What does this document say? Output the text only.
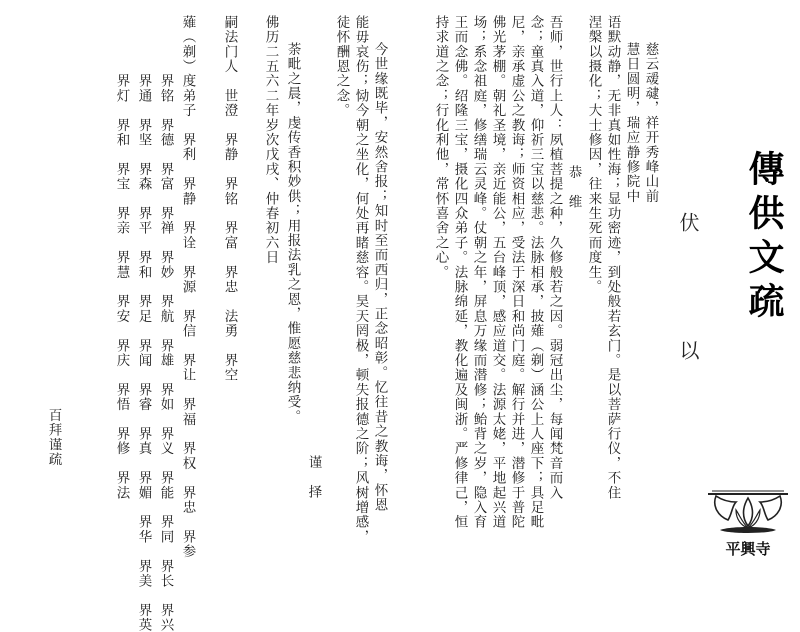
傳供文疏
伏
以
慈云叆叇，祥开秀峰山前
慧日圆明，瑞应静修院中
语默动静，无非真如性海；显功密迹，到处般若玄门。是以菩萨行仪，不住
涅槃以摄化；大士修因，往来生死而度生。
恭　维
吾师，世行上人：夙植菩提之种，久修般若之因。弱冠出尘，每闻梵音而入
念；童真入道，仰祈三宝以慈悲。法脉相承，披薙（剃）涵公上人座下；具足毗
尼，亲承虚公之教诲；师资相应，受法于深日和尚门庭。解行并进，潜修于普陀
佛光茅棚。朝礼圣境，亲近能公，五台峰顶，感应道交。法源太姥，平地起兴道
场；系念祖庭，修缮瑞云灵峰。仗朝之年，屏息万缘而潜修；鲐背之岁，隐入育
王而念佛。绍隆三宝，摄化四众弟子。法脉绵延，教化遍及闽浙。严修律己，恒
持求道之念；行化利他，常怀喜舍之心。
今世缘既毕，安然舍报；知时至而西归，正念昭彰。忆往昔之教诲，怀恩
能毋哀伤；恸今朝之坐化，何处再睹慈容。昊天罔极，顿失报德之阶；风树增感，
徒怀酬恩之念。
谨　择
荼毗之晨，虔传香积妙供；用报法乳之恩，惟愿慈悲纳受。
佛历二五六二年岁次戊戌、仲春初六日
嗣法门人　世澄　界静　界铭　界富　界忠　法勇　界空
薙（剃）度弟子　界利　界静　界诠　界源　界信　界让　界福　界权　界忠　界参
　　　　界铭　界德　界富　界禅　界妙　界航　界雄　界如　界义　界能　界同　界长　界兴
　　　　界通　界坚　界森　界平　界和　界足　界闻　界睿　界真　界媚　界华　界美　界英
　　　　界灯　界和　界宝　界亲　界慧　界安　界庆　界悟　界修　界法
百拜谨疏
平興寺
